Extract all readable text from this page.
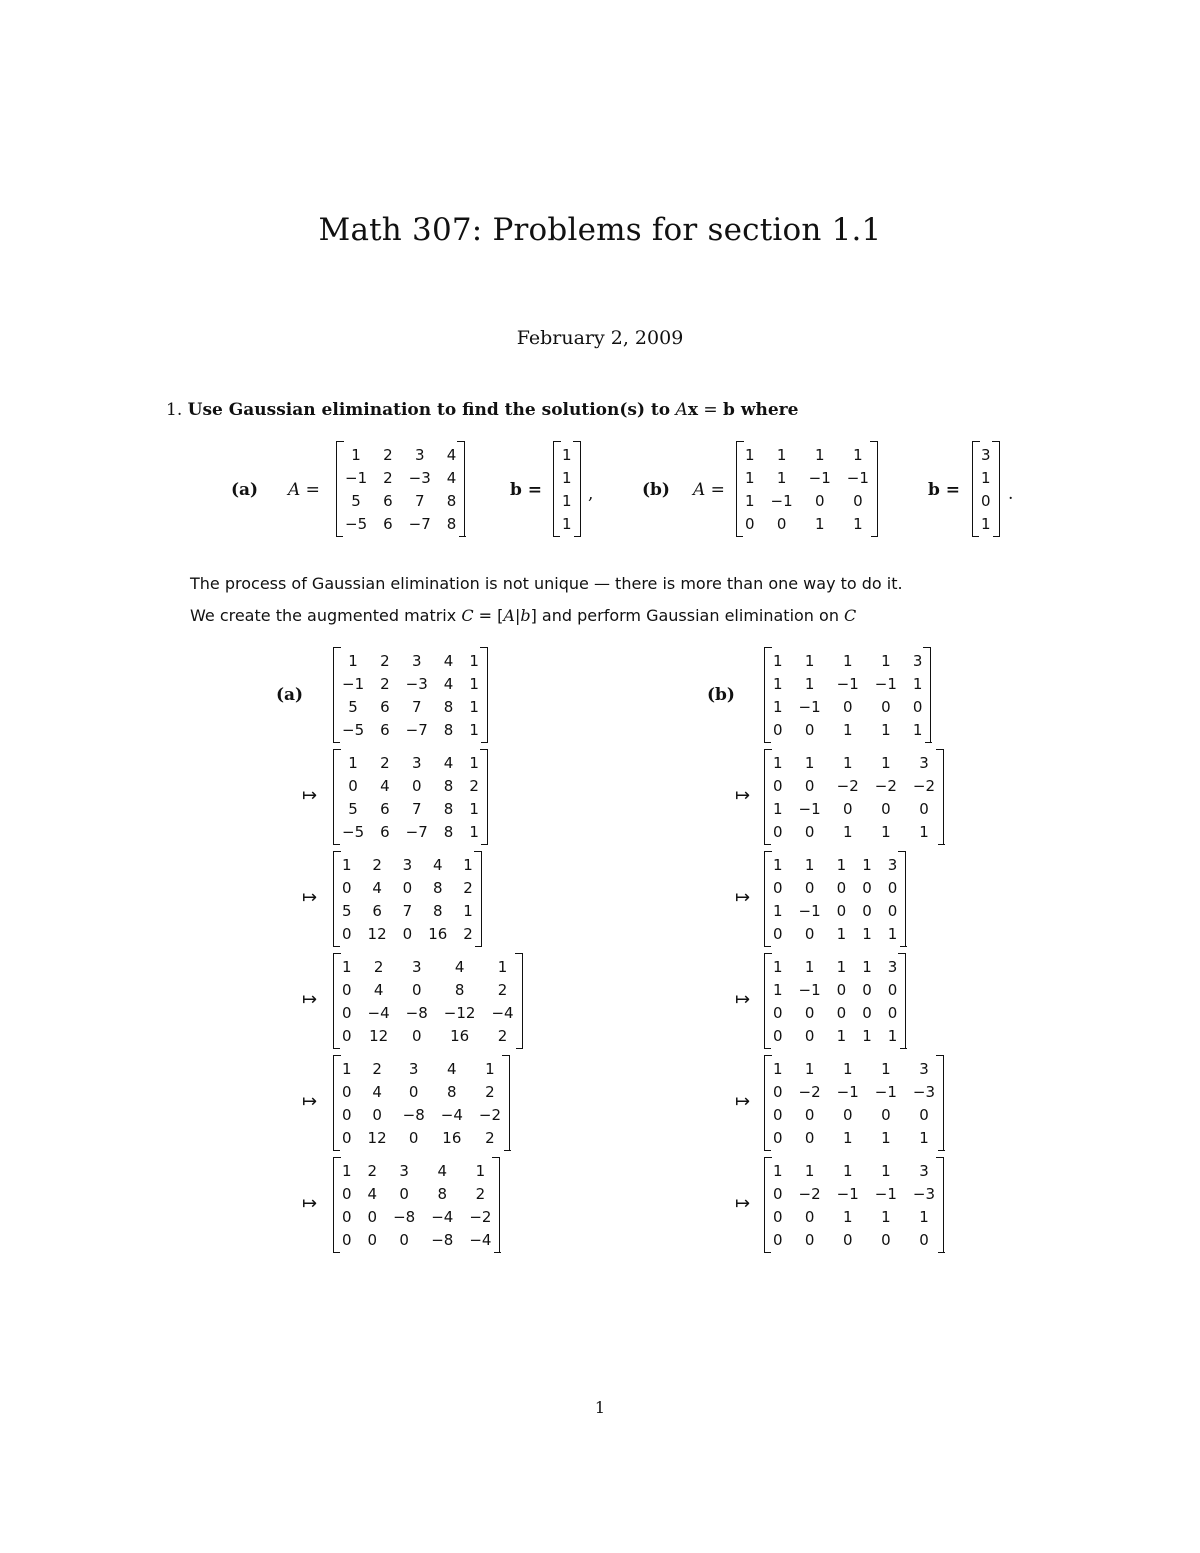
Math 307: Problems for section 1.1
February 2, 2009
1. Use Gaussian elimination to find the solution(s) to Ax = b where
(a) A =
1	2	3	4
−1	2	−3	4
5	6	7	8
−5	6	−7	8
b =
1
1
1
1
,	(b) A =
1	1	1	1
1	1	−1	−1
1	−1	0	0
0	0	1	1
b =
3
1
0
1
.
The process of Gaussian elimination is not unique — there is more than one way to do it.
We create the augmented matrix C = [A|b] and perform Gaussian elimination on C
(a)	(b)
1	2	3	4	1
−1	2	−3	4	1
5	6	7	8	1
−5	6	−7	8	1
↦
1	2	3	4	1
0	4	0	8	2
5	6	7	8	1
−5	6	−7	8	1
↦
1	2	3	4	1
0	4	0	8	2
5	6	7	8	1
0	12	0	16	2
↦
1	2	3	4	1
0	4	0	8	2
0	−4	−8	−12	−4
0	12	0	16	2
↦
1	2	3	4	1
0	4	0	8	2
0	0	−8	−4	−2
0	12	0	16	2
↦
1	2	3	4	1
0	4	0	8	2
0	0	−8	−4	−2
0	0	0	−8	−4
1	1	1	1	3
1	1	−1	−1	1
1	−1	0	0	0
0	0	1	1	1
↦
1	1	1	1	3
0	0	−2	−2	−2
1	−1	0	0	0
0	0	1	1	1
↦
1	1	1	1	3
0	0	0	0	0
1	−1	0	0	0
0	0	1	1	1
↦
1	1	1	1	3
1	−1	0	0	0
0	0	0	0	0
0	0	1	1	1
↦
1	1	1	1	3
0	−2	−1	−1	−3
0	0	0	0	0
0	0	1	1	1
↦
1	1	1	1	3
0	−2	−1	−1	−3
0	0	1	1	1
0	0	0	0	0
1
